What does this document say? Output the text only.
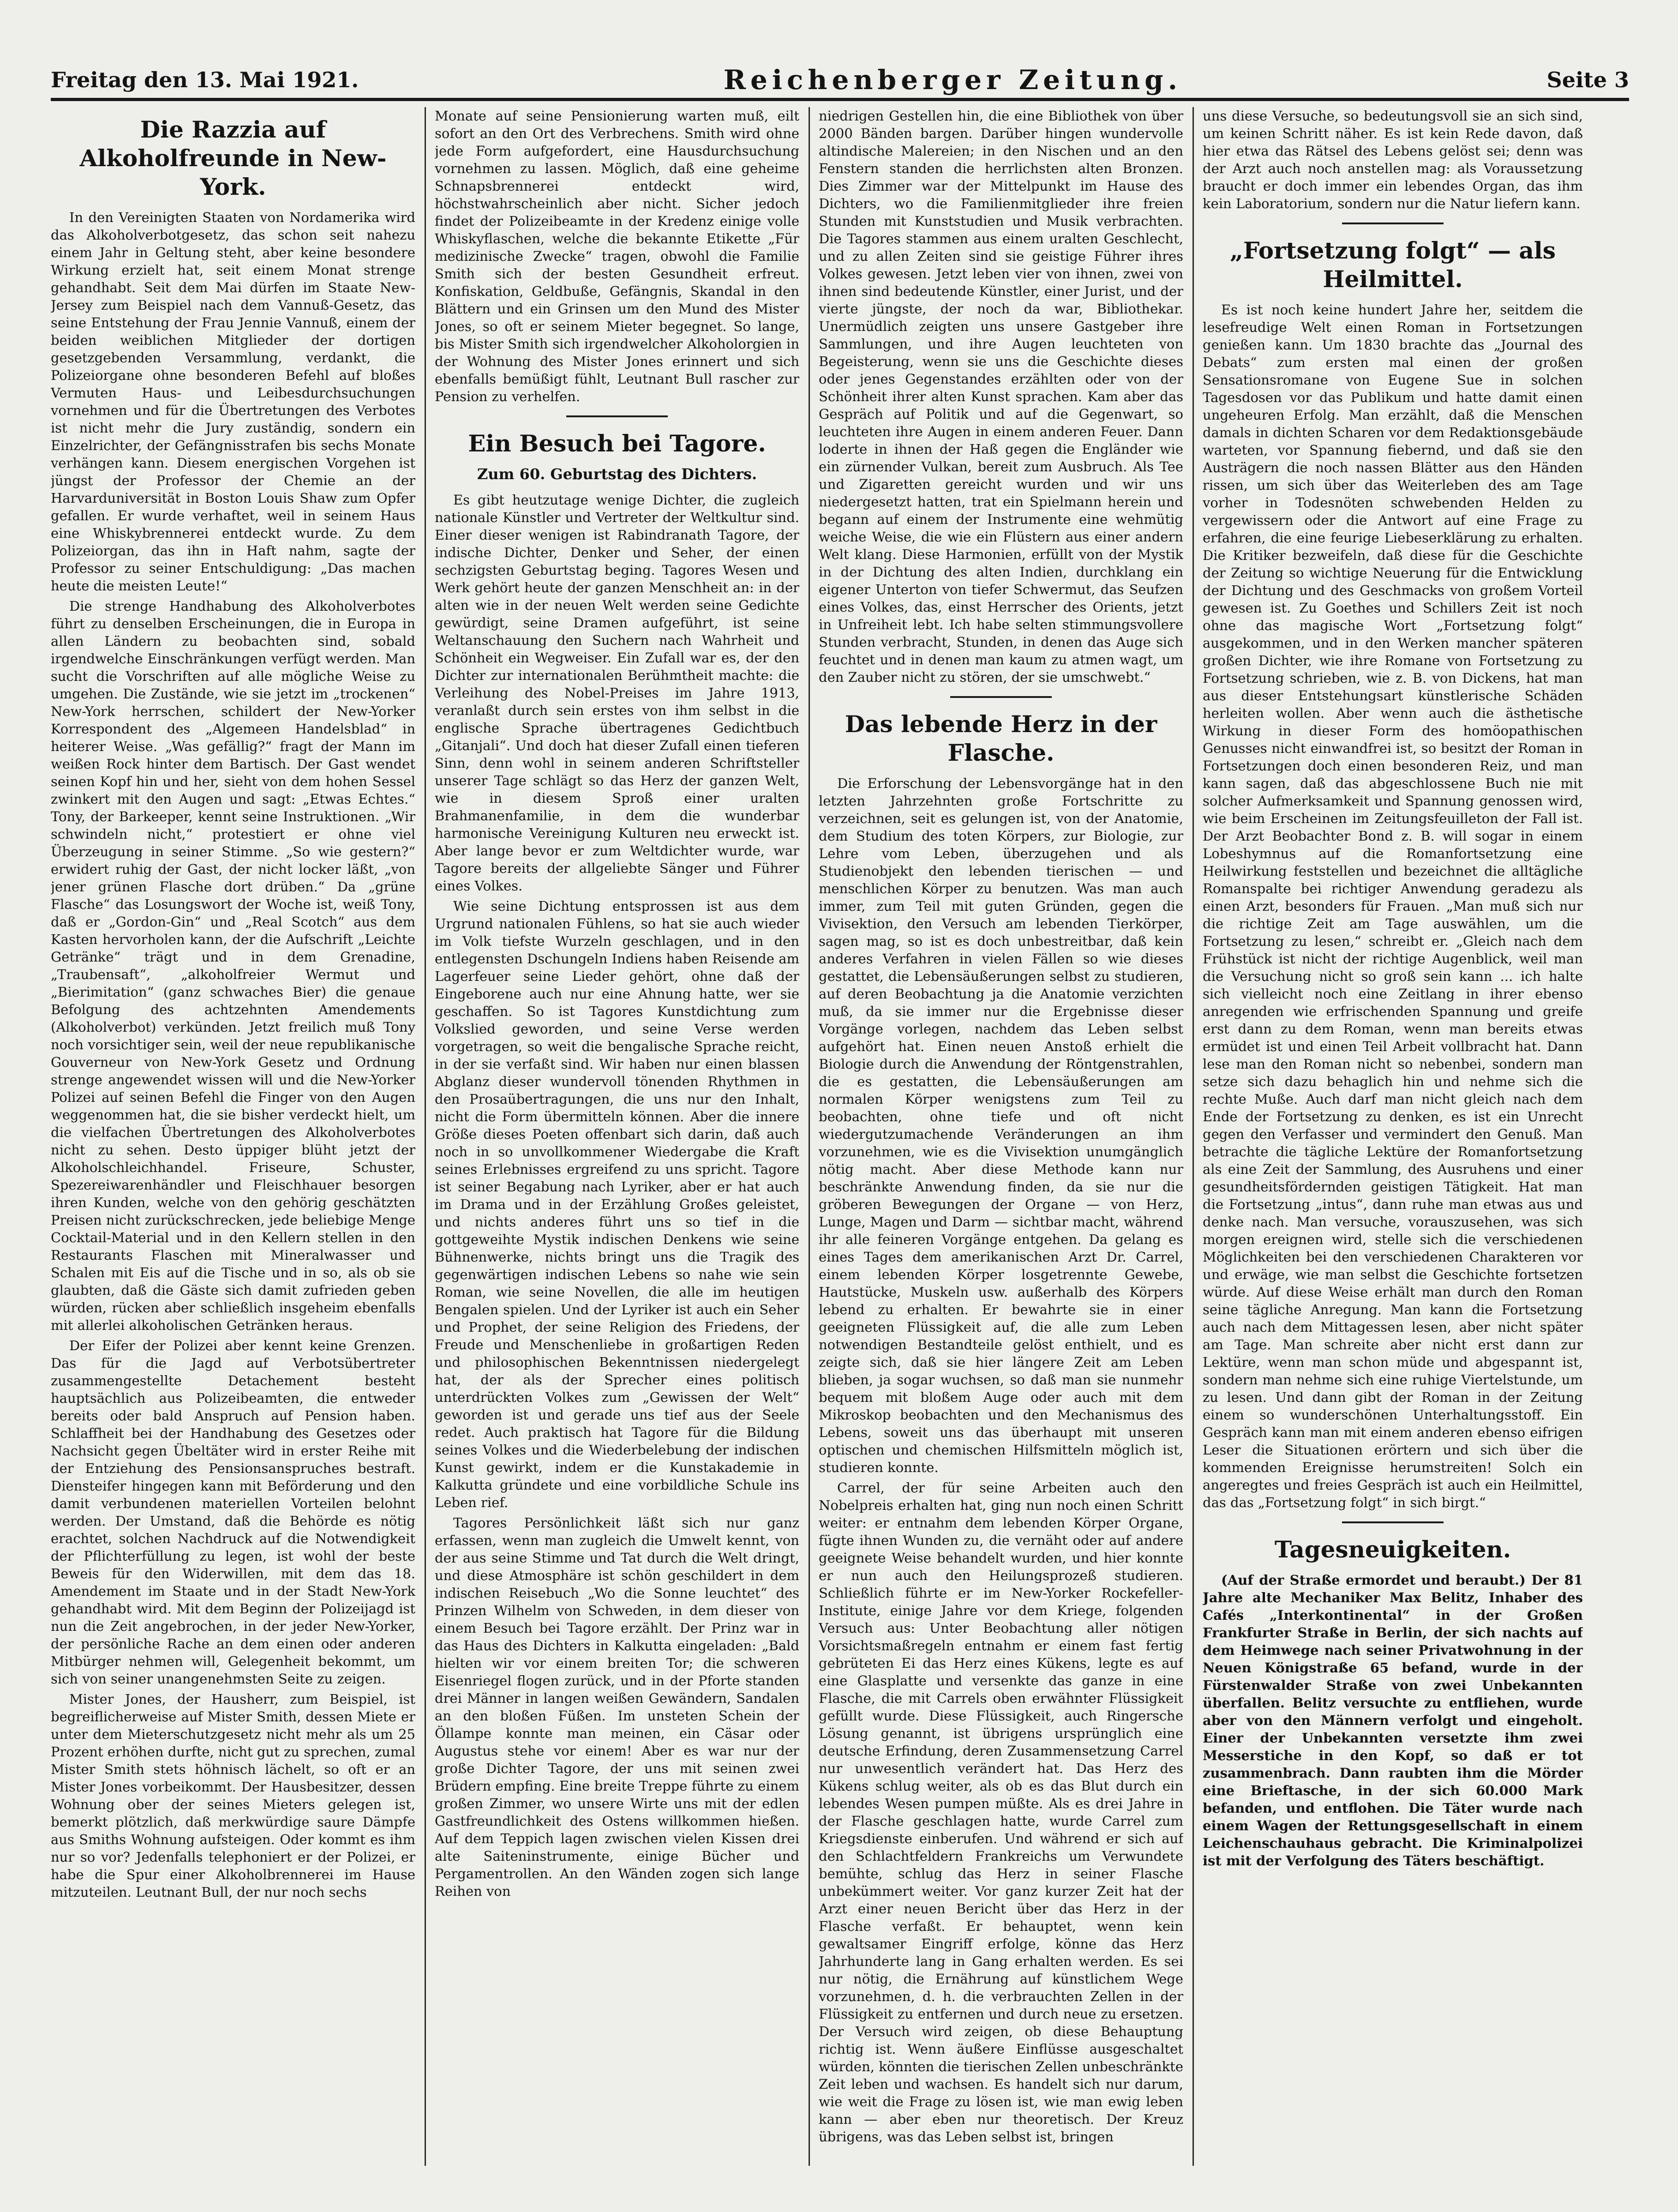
Freitag den 13. Mai 1921.	Reichenberger Zeitung.	Seite 3
Die Razzia auf Alkoholfreunde in New-York.

In den Vereinigten Staaten von Nordamerika wird das Alkoholverbotgesetz, das schon seit nahezu einem Jahr in Geltung steht, aber keine besondere Wirkung erzielt hat, seit einem Monat strenge gehandhabt. Seit dem Mai dürfen im Staate New-Jersey zum Beispiel nach dem Vannuß-Gesetz, das seine Entstehung der Frau Jennie Vannuß, einem der beiden weiblichen Mitglieder der dortigen gesetzgebenden Versammlung, verdankt, die Polizeiorgane ohne besonderen Befehl auf bloßes Vermuten Haus- und Leibesdurchsuchungen vornehmen und für die Übertretungen des Verbotes ist nicht mehr die Jury zuständig, sondern ein Einzelrichter, der Gefängnisstrafen bis sechs Monate verhängen kann. Diesem energischen Vorgehen ist jüngst der Professor der Chemie an der Harvarduniversität in Boston Louis Shaw zum Opfer gefallen. Er wurde verhaftet, weil in seinem Haus eine Whiskybrennerei entdeckt wurde. Zu dem Polizeiorgan, das ihn in Haft nahm, sagte der Professor zu seiner Entschuldigung: „Das machen heute die meisten Leute!“

Die strenge Handhabung des Alkoholverbotes führt zu denselben Erscheinungen, die in Europa in allen Ländern zu beobachten sind, sobald irgendwelche Einschränkungen verfügt werden. Man sucht die Vorschriften auf alle mögliche Weise zu umgehen. Die Zustände, wie sie jetzt im „trockenen“ New-York herrschen, schildert der New-Yorker Korrespondent des „Algemeen Handelsblad“ in heiterer Weise. „Was gefällig?“ fragt der Mann im weißen Rock hinter dem Bartisch. Der Gast wendet seinen Kopf hin und her, sieht von dem hohen Sessel zwinkert mit den Augen und sagt: „Etwas Echtes.“ Tony, der Barkeeper, kennt seine Instruktionen. „Wir schwindeln nicht,“ protestiert er ohne viel Überzeugung in seiner Stimme. „So wie gestern?“ erwidert ruhig der Gast, der nicht locker läßt, „von jener grünen Flasche dort drüben.“ Da „grüne Flasche“ das Losungswort der Woche ist, weiß Tony, daß er „Gordon-Gin“ und „Real Scotch“ aus dem Kasten hervorholen kann, der die Aufschrift „Leichte Getränke“ trägt und in dem Grenadine, „Traubensaft“, „alkoholfreier Wermut und „Bierimitation“ (ganz schwaches Bier) die genaue Befolgung des achtzehnten Amendements (Alkoholverbot) verkünden. Jetzt freilich muß Tony noch vorsichtiger sein, weil der neue republikanische Gouverneur von New-York Gesetz und Ordnung strenge angewendet wissen will und die New-Yorker Polizei auf seinen Befehl die Finger von den Augen weggenommen hat, die sie bisher verdeckt hielt, um die vielfachen Übertretungen des Alkoholverbotes nicht zu sehen. Desto üppiger blüht jetzt der Alkoholschleichhandel. Friseure, Schuster, Spezereiwarenhändler und Fleischhauer besorgen ihren Kunden, welche von den gehörig geschätzten Preisen nicht zurückschrecken, jede beliebige Menge Cocktail-Material und in den Kellern stellen in den Restaurants Flaschen mit Mineralwasser und Schalen mit Eis auf die Tische und in so, als ob sie glaubten, daß die Gäste sich damit zufrieden geben würden, rücken aber schließlich insgeheim ebenfalls mit allerlei alkoholischen Getränken heraus.

Der Eifer der Polizei aber kennt keine Grenzen. Das für die Jagd auf Verbotsübertreter zusammengestellte Detachement besteht hauptsächlich aus Polizeibeamten, die entweder bereits oder bald Anspruch auf Pension haben. Schlaffheit bei der Handhabung des Gesetzes oder Nachsicht gegen Übeltäter wird in erster Reihe mit der Entziehung des Pensionsanspruches bestraft. Diensteifer hingegen kann mit Beförderung und den damit verbundenen materiellen Vorteilen belohnt werden. Der Umstand, daß die Behörde es nötig erachtet, solchen Nachdruck auf die Notwendigkeit der Pflichterfüllung zu legen, ist wohl der beste Beweis für den Widerwillen, mit dem das 18. Amendement im Staate und in der Stadt New-York gehandhabt wird. Mit dem Beginn der Polizeijagd ist nun die Zeit angebrochen, in der jeder New-Yorker, der persönliche Rache an dem einen oder anderen Mitbürger nehmen will, Gelegenheit bekommt, um sich von seiner unangenehmsten Seite zu zeigen.

Mister Jones, der Hausherr, zum Beispiel, ist begreiflicherweise auf Mister Smith, dessen Miete er unter dem Mieterschutzgesetz nicht mehr als um 25 Prozent erhöhen durfte, nicht gut zu sprechen, zumal Mister Smith stets höhnisch lächelt, so oft er an Mister Jones vorbeikommt. Der Hausbesitzer, dessen Wohnung ober der seines Mieters gelegen ist, bemerkt plötzlich, daß merkwürdige saure Dämpfe aus Smiths Wohnung aufsteigen. Oder kommt es ihm nur so vor? Jedenfalls telephoniert er der Polizei, er habe die Spur einer Alkoholbrennerei im Hause mitzuteilen. Leutnant Bull, der nur noch sechs

Monate auf seine Pensionierung warten muß, eilt sofort an den Ort des Verbrechens. Smith wird ohne jede Form aufgefordert, eine Hausdurchsuchung vornehmen zu lassen. Möglich, daß eine geheime Schnapsbrennerei entdeckt wird, höchstwahrscheinlich aber nicht. Sicher jedoch findet der Polizeibeamte in der Kredenz einige volle Whiskyflaschen, welche die bekannte Etikette „Für medizinische Zwecke“ tragen, obwohl die Familie Smith sich der besten Gesundheit erfreut. Konfiskation, Geldbuße, Gefängnis, Skandal in den Blättern und ein Grinsen um den Mund des Mister Jones, so oft er seinem Mieter begegnet. So lange, bis Mister Smith sich irgendwelcher Alkoholorgien in der Wohnung des Mister Jones erinnert und sich ebenfalls bemüßigt fühlt, Leutnant Bull rascher zur Pension zu verhelfen.

Ein Besuch bei Tagore.
Zum 60. Geburtstag des Dichters.

Es gibt heutzutage wenige Dichter, die zugleich nationale Künstler und Vertreter der Weltkultur sind. Einer dieser wenigen ist Rabindranath Tagore, der indische Dichter, Denker und Seher, der einen sechzigsten Geburtstag beging. Tagores Wesen und Werk gehört heute der ganzen Menschheit an: in der alten wie in der neuen Welt werden seine Gedichte gewürdigt, seine Dramen aufgeführt, ist seine Weltanschauung den Suchern nach Wahrheit und Schönheit ein Wegweiser. Ein Zufall war es, der den Dichter zur internationalen Berühmtheit machte: die Verleihung des Nobel-Preises im Jahre 1913, veranlaßt durch sein erstes von ihm selbst in die englische Sprache übertragenes Gedichtbuch „Gitanjali“. Und doch hat dieser Zufall einen tieferen Sinn, denn wohl in seinem anderen Schriftsteller unserer Tage schlägt so das Herz der ganzen Welt, wie in diesem Sproß einer uralten Brahmanenfamilie, in dem die wunderbar harmonische Vereinigung Kulturen neu erweckt ist. Aber lange bevor er zum Weltdichter wurde, war Tagore bereits der allgeliebte Sänger und Führer eines Volkes.

Wie seine Dichtung entsprossen ist aus dem Urgrund nationalen Fühlens, so hat sie auch wieder im Volk tiefste Wurzeln geschlagen, und in den entlegensten Dschungeln Indiens haben Reisende am Lagerfeuer seine Lieder gehört, ohne daß der Eingeborene auch nur eine Ahnung hatte, wer sie geschaffen. So ist Tagores Kunstdichtung zum Volkslied geworden, und seine Verse werden vorgetragen, so weit die bengalische Sprache reicht, in der sie verfaßt sind. Wir haben nur einen blassen Abglanz dieser wundervoll tönenden Rhythmen in den Prosaübertragungen, die uns nur den Inhalt, nicht die Form übermitteln können. Aber die innere Größe dieses Poeten offenbart sich darin, daß auch noch in so unvollkommener Wiedergabe die Kraft seines Erlebnisses ergreifend zu uns spricht. Tagore ist seiner Begabung nach Lyriker, aber er hat auch im Drama und in der Erzählung Großes geleistet, und nichts anderes führt uns so tief in die gottgeweihte Mystik indischen Denkens wie seine Bühnenwerke, nichts bringt uns die Tragik des gegenwärtigen indischen Lebens so nahe wie sein Roman, wie seine Novellen, die alle im heutigen Bengalen spielen. Und der Lyriker ist auch ein Seher und Prophet, der seine Religion des Friedens, der Freude und Menschenliebe in großartigen Reden und philosophischen Bekenntnissen niedergelegt hat, der als der Sprecher eines politisch unterdrückten Volkes zum „Gewissen der Welt“ geworden ist und gerade uns tief aus der Seele redet. Auch praktisch hat Tagore für die Bildung seines Volkes und die Wiederbelebung der indischen Kunst gewirkt, indem er die Kunstakademie in Kalkutta gründete und eine vorbildliche Schule ins Leben rief.

Tagores Persönlichkeit läßt sich nur ganz erfassen, wenn man zugleich die Umwelt kennt, von der aus seine Stimme und Tat durch die Welt dringt, und diese Atmosphäre ist schön geschildert in dem indischen Reisebuch „Wo die Sonne leuchtet“ des Prinzen Wilhelm von Schweden, in dem dieser von einem Besuch bei Tagore erzählt. Der Prinz war in das Haus des Dichters in Kalkutta eingeladen: „Bald hielten wir vor einem breiten Tor; die schweren Eisenriegel flogen zurück, und in der Pforte standen drei Männer in langen weißen Gewändern, Sandalen an den bloßen Füßen. Im unsteten Schein der Öllampe konnte man meinen, ein Cäsar oder Augustus stehe vor einem! Aber es war nur der große Dichter Tagore, der uns mit seinen zwei Brüdern empfing. Eine breite Treppe führte zu einem großen Zimmer, wo unsere Wirte uns mit der edlen Gastfreundlichkeit des Ostens willkommen hießen. Auf dem Teppich lagen zwischen vielen Kissen drei alte Saiteninstrumente, einige Bücher und Pergamentrollen. An den Wänden zogen sich lange Reihen von

niedrigen Gestellen hin, die eine Bibliothek von über 2000 Bänden bargen. Darüber hingen wundervolle altindische Malereien; in den Nischen und an den Fenstern standen die herrlichsten alten Bronzen. Dies Zimmer war der Mittelpunkt im Hause des Dichters, wo die Familienmitglieder ihre freien Stunden mit Kunststudien und Musik verbrachten. Die Tagores stammen aus einem uralten Geschlecht, und zu allen Zeiten sind sie geistige Führer ihres Volkes gewesen. Jetzt leben vier von ihnen, zwei von ihnen sind bedeutende Künstler, einer Jurist, und der vierte jüngste, der noch da war, Bibliothekar. Unermüdlich zeigten uns unsere Gastgeber ihre Sammlungen, und ihre Augen leuchteten von Begeisterung, wenn sie uns die Geschichte dieses oder jenes Gegenstandes erzählten oder von der Schönheit ihrer alten Kunst sprachen. Kam aber das Gespräch auf Politik und auf die Gegenwart, so leuchteten ihre Augen in einem anderen Feuer. Dann loderte in ihnen der Haß gegen die Engländer wie ein zürnender Vulkan, bereit zum Ausbruch. Als Tee und Zigaretten gereicht wurden und wir uns niedergesetzt hatten, trat ein Spielmann herein und begann auf einem der Instrumente eine wehmütig weiche Weise, die wie ein Flüstern aus einer andern Welt klang. Diese Harmonien, erfüllt von der Mystik in der Dichtung des alten Indien, durchklang ein eigener Unterton von tiefer Schwermut, das Seufzen eines Volkes, das, einst Herrscher des Orients, jetzt in Unfreiheit lebt. Ich habe selten stimmungsvollere Stunden verbracht, Stunden, in denen das Auge sich feuchtet und in denen man kaum zu atmen wagt, um den Zauber nicht zu stören, der sie umschwebt.“

Das lebende Herz in der Flasche.

Die Erforschung der Lebensvorgänge hat in den letzten Jahrzehnten große Fortschritte zu verzeichnen, seit es gelungen ist, von der Anatomie, dem Studium des toten Körpers, zur Biologie, zur Lehre vom Leben, überzugehen und als Studienobjekt den lebenden tierischen — und menschlichen Körper zu benutzen. Was man auch immer, zum Teil mit guten Gründen, gegen die Vivisektion, den Versuch am lebenden Tierkörper, sagen mag, so ist es doch unbestreitbar, daß kein anderes Verfahren in vielen Fällen so wie dieses gestattet, die Lebensäußerungen selbst zu studieren, auf deren Beobachtung ja die Anatomie verzichten muß, da sie immer nur die Ergebnisse dieser Vorgänge vorlegen, nachdem das Leben selbst aufgehört hat. Einen neuen Anstoß erhielt die Biologie durch die Anwendung der Röntgenstrahlen, die es gestatten, die Lebensäußerungen am normalen Körper wenigstens zum Teil zu beobachten, ohne tiefe und oft nicht wiedergutzumachende Veränderungen an ihm vorzunehmen, wie es die Vivisektion unumgänglich nötig macht. Aber diese Methode kann nur beschränkte Anwendung finden, da sie nur die gröberen Bewegungen der Organe — von Herz, Lunge, Magen und Darm — sichtbar macht, während ihr alle feineren Vorgänge entgehen. Da gelang es eines Tages dem amerikanischen Arzt Dr. Carrel, einem lebenden Körper losgetrennte Gewebe, Hautstücke, Muskeln usw. außerhalb des Körpers lebend zu erhalten. Er bewahrte sie in einer geeigneten Flüssigkeit auf, die alle zum Leben notwendigen Bestandteile gelöst enthielt, und es zeigte sich, daß sie hier längere Zeit am Leben blieben, ja sogar wuchsen, so daß man sie nunmehr bequem mit bloßem Auge oder auch mit dem Mikroskop beobachten und den Mechanismus des Lebens, soweit uns das überhaupt mit unseren optischen und chemischen Hilfsmitteln möglich ist, studieren konnte.

Carrel, der für seine Arbeiten auch den Nobelpreis erhalten hat, ging nun noch einen Schritt weiter: er entnahm dem lebenden Körper Organe, fügte ihnen Wunden zu, die vernäht oder auf andere geeignete Weise behandelt wurden, und hier konnte er nun auch den Heilungsprozeß studieren. Schließlich führte er im New-Yorker Rockefeller-Institute, einige Jahre vor dem Kriege, folgenden Versuch aus: Unter Beobachtung aller nötigen Vorsichtsmaßregeln entnahm er einem fast fertig gebrüteten Ei das Herz eines Kükens, legte es auf eine Glasplatte und versenkte das ganze in eine Flasche, die mit Carrels oben erwähnter Flüssigkeit gefüllt wurde. Diese Flüssigkeit, auch Ringersche Lösung genannt, ist übrigens ursprünglich eine deutsche Erfindung, deren Zusammensetzung Carrel nur unwesentlich verändert hat. Das Herz des Kükens schlug weiter, als ob es das Blut durch ein lebendes Wesen pumpen müßte. Als es drei Jahre in der Flasche geschlagen hatte, wurde Carrel zum Kriegsdienste einberufen. Und während er sich auf den Schlachtfeldern Frankreichs um Verwundete bemühte, schlug das Herz in seiner Flasche unbekümmert weiter. Vor ganz kurzer Zeit hat der Arzt einer neuen Bericht über das Herz in der Flasche verfaßt. Er behauptet, wenn kein gewaltsamer Eingriff erfolge, könne das Herz Jahrhunderte lang in Gang erhalten werden. Es sei nur nötig, die Ernährung auf künstlichem Wege vorzunehmen, d. h. die verbrauchten Zellen in der Flüssigkeit zu entfernen und durch neue zu ersetzen. Der Versuch wird zeigen, ob diese Behauptung richtig ist. Wenn äußere Einflüsse ausgeschaltet würden, könnten die tierischen Zellen unbeschränkte Zeit leben und wachsen. Es handelt sich nur darum, wie weit die Frage zu lösen ist, wie man ewig leben kann — aber eben nur theoretisch. Der Kreuz übrigens, was das Leben selbst ist, bringen

uns diese Versuche, so bedeutungsvoll sie an sich sind, um keinen Schritt näher. Es ist kein Rede davon, daß hier etwa das Rätsel des Lebens gelöst sei; denn was der Arzt auch noch anstellen mag: als Voraussetzung braucht er doch immer ein lebendes Organ, das ihm kein Laboratorium, sondern nur die Natur liefern kann.

„Fortsetzung folgt“ — als Heilmittel.

Es ist noch keine hundert Jahre her, seitdem die lesefreudige Welt einen Roman in Fortsetzungen genießen kann. Um 1830 brachte das „Journal des Debats“ zum ersten mal einen der großen Sensationsromane von Eugene Sue in solchen Tagesdosen vor das Publikum und hatte damit einen ungeheuren Erfolg. Man erzählt, daß die Menschen damals in dichten Scharen vor dem Redaktionsgebäude warteten, vor Spannung fiebernd, und daß sie den Austrägern die noch nassen Blätter aus den Händen rissen, um sich über das Weiterleben des am Tage vorher in Todesnöten schwebenden Helden zu vergewissern oder die Antwort auf eine Frage zu erfahren, die eine feurige Liebeserklärung zu erhalten. Die Kritiker bezweifeln, daß diese für die Geschichte der Zeitung so wichtige Neuerung für die Entwicklung der Dichtung und des Geschmacks von großem Vorteil gewesen ist. Zu Goethes und Schillers Zeit ist noch ohne das magische Wort „Fortsetzung folgt“ ausgekommen, und in den Werken mancher späteren großen Dichter, wie ihre Romane von Fortsetzung zu Fortsetzung schrieben, wie z. B. von Dickens, hat man aus dieser Entstehungsart künstlerische Schäden herleiten wollen. Aber wenn auch die ästhetische Wirkung in dieser Form des homöopathischen Genusses nicht einwandfrei ist, so besitzt der Roman in Fortsetzungen doch einen besonderen Reiz, und man kann sagen, daß das abgeschlossene Buch nie mit solcher Aufmerksamkeit und Spannung genossen wird, wie beim Erscheinen im Zeitungsfeuilleton der Fall ist. Der Arzt Beobachter Bond z. B. will sogar in einem Lobeshymnus auf die Romanfortsetzung eine Heilwirkung feststellen und bezeichnet die alltägliche Romanspalte bei richtiger Anwendung geradezu als einen Arzt, besonders für Frauen. „Man muß sich nur die richtige Zeit am Tage auswählen, um die Fortsetzung zu lesen,“ schreibt er. „Gleich nach dem Frühstück ist nicht der richtige Augenblick, weil man die Versuchung nicht so groß sein kann ... ich halte sich vielleicht noch eine Zeitlang in ihrer ebenso anregenden wie erfrischenden Spannung und greife erst dann zu dem Roman, wenn man bereits etwas ermüdet ist und einen Teil Arbeit vollbracht hat. Dann lese man den Roman nicht so nebenbei, sondern man setze sich dazu behaglich hin und nehme sich die rechte Muße. Auch darf man nicht gleich nach dem Ende der Fortsetzung zu denken, es ist ein Unrecht gegen den Verfasser und vermindert den Genuß. Man betrachte die tägliche Lektüre der Romanfortsetzung als eine Zeit der Sammlung, des Ausruhens und einer gesundheitsfördernden geistigen Tätigkeit. Hat man die Fortsetzung „intus“, dann ruhe man etwas aus und denke nach. Man versuche, vorauszusehen, was sich morgen ereignen wird, stelle sich die verschiedenen Möglichkeiten bei den verschiedenen Charakteren vor und erwäge, wie man selbst die Geschichte fortsetzen würde. Auf diese Weise erhält man durch den Roman seine tägliche Anregung. Man kann die Fortsetzung auch nach dem Mittagessen lesen, aber nicht später am Tage. Man schreite aber nicht erst dann zur Lektüre, wenn man schon müde und abgespannt ist, sondern man nehme sich eine ruhige Viertelstunde, um zu lesen. Und dann gibt der Roman in der Zeitung einem so wunderschönen Unterhaltungsstoff. Ein Gespräch kann man mit einem anderen ebenso eifrigen Leser die Situationen erörtern und sich über die kommenden Ereignisse herumstreiten! Solch ein angeregtes und freies Gespräch ist auch ein Heilmittel, das das „Fortsetzung folgt“ in sich birgt.“

Tagesneuigkeiten.

(Auf der Straße ermordet und beraubt.) Der 81 Jahre alte Mechaniker Max Belitz, Inhaber des Cafés „Interkontinental“ in der Großen Frankfurter Straße in Berlin, der sich nachts auf dem Heimwege nach seiner Privatwohnung in der Neuen Königstraße 65 befand, wurde in der Fürstenwalder Straße von zwei Unbekannten überfallen. Belitz versuchte zu entfliehen, wurde aber von den Männern verfolgt und eingeholt. Einer der Unbekannten versetzte ihm zwei Messerstiche in den Kopf, so daß er tot zusammenbrach. Dann raubten ihm die Mörder eine Brieftasche, in der sich 60.000 Mark befanden, und entflohen. Die Täter wurde nach einem Wagen der Rettungsgesellschaft in einem Leichenschauhaus gebracht. Die Kriminalpolizei ist mit der Verfolgung des Täters beschäftigt.
